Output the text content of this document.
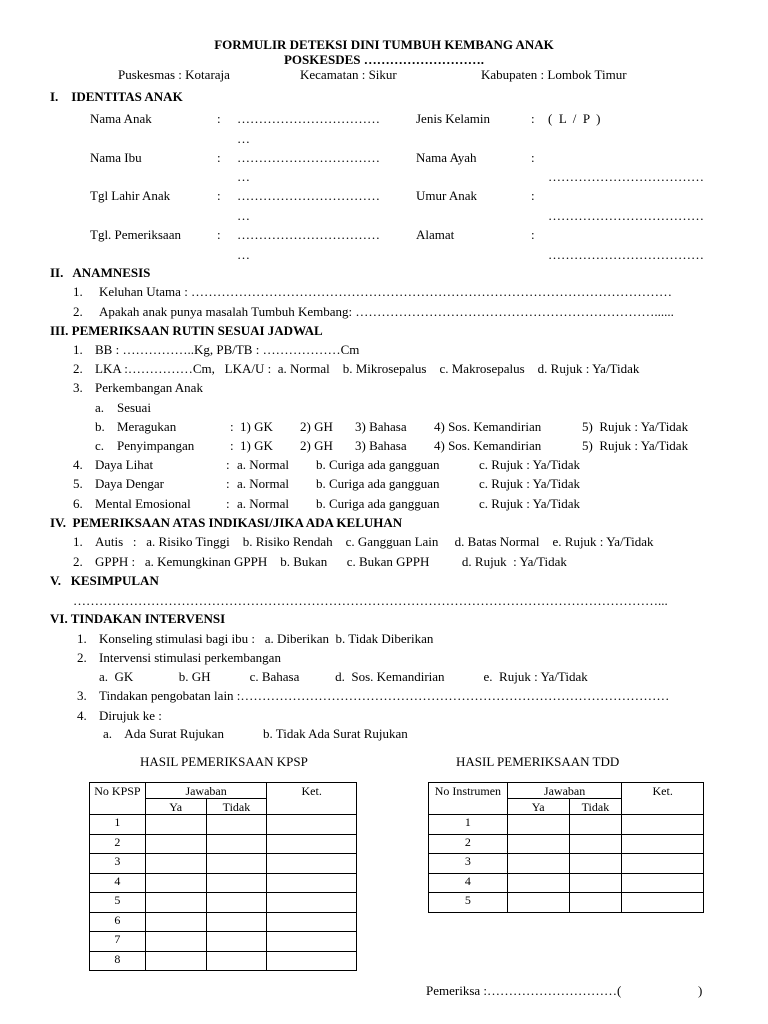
FORMULIR DETEKSI DINI TUMBUH KEMBANG ANAK
POSKESDES ……………………….
Puskesmas : Kotaraja	Kecamatan : Sikur	Kabupaten : Lombok Timur
I.    IDENTITAS ANAK
Nama Anak	: ……………………………
…
Jenis Kelamin	: (  L  /  P  )
Nama Ibu	: ……………………………
…
Nama Ayah	:
………………………………
Tgl Lahir Anak	: ……………………………
…
Umur Anak	:
………………………………
Tgl. Pemeriksaan	: ……………………………
…
Alamat	:
………………………………
II.   ANAMNESIS
1. Keluhan Utama : …………………………………………………………………………………………………
2. Apakah anak punya masalah Tumbuh Kembang: ……………………………………………………………......
III. PEMERIKSAAN RUTIN SESUAI JADWAL
1. BB : ……………..Kg, PB/TB : ………………Cm
2. LKA :……………Cm,   LKA/U :  a. Normal    b. Mikrosepalus    c. Makrosepalus    d. Rujuk : Ya/Tidak
3. Perkembangan Anak
a. Sesuai
b. Meragukan	: 1) GK 2) GH 3) Bahasa 4) Sos. Kemandirian	5)  Rujuk : Ya/Tidak
c. Penyimpangan	: 1) GK 2) GH 3) Bahasa 4) Sos. Kemandirian	5)  Rujuk : Ya/Tidak
4. Daya Lihat	: a. Normal b. Curiga ada gangguan	c. Rujuk : Ya/Tidak
5. Daya Dengar	: a. Normal b. Curiga ada gangguan	c. Rujuk : Ya/Tidak
6. Mental Emosional	: a. Normal b. Curiga ada gangguan	c. Rujuk : Ya/Tidak
IV.  PEMERIKSAAN ATAS INDIKASI/JIKA ADA KELUHAN
1. Autis   :   a. Risiko Tinggi    b. Risiko Rendah    c. Gangguan Lain     d. Batas Normal    e. Rujuk : Ya/Tidak
2. GPPH :   a. Kemungkinan GPPH    b. Bukan      c. Bukan GPPH          d. Rujuk  : Ya/Tidak
V.   KESIMPULAN
………………………………………………………………………………………………………………………...
VI. TINDAKAN INTERVENSI
1. Konseling stimulasi bagi ibu :   a. Diberikan  b. Tidak Diberikan
2. Intervensi stimulasi perkembangan
a.  GK              b. GH            c. Bahasa           d.  Sos. Kemandirian            e.  Rujuk : Ya/Tidak
3. Tindakan pengobatan lain :………………………………………………………………………………………
4. Dirujuk ke :
a.    Ada Surat Rujukan            b. Tidak Ada Surat Rujukan
HASIL PEMERIKSAAN KPSP	HASIL PEMERIKSAAN TDD
No KPSP	Jawaban		Ket.
	Ya	Tidak	
1			
2			
3			
4			
5			
6			
7			
8			
No Instrumen	Jawaban		Ket.
	Ya	Tidak	
1			
2			
3			
4			
5			
Pemeriksa :…………………………(	)
